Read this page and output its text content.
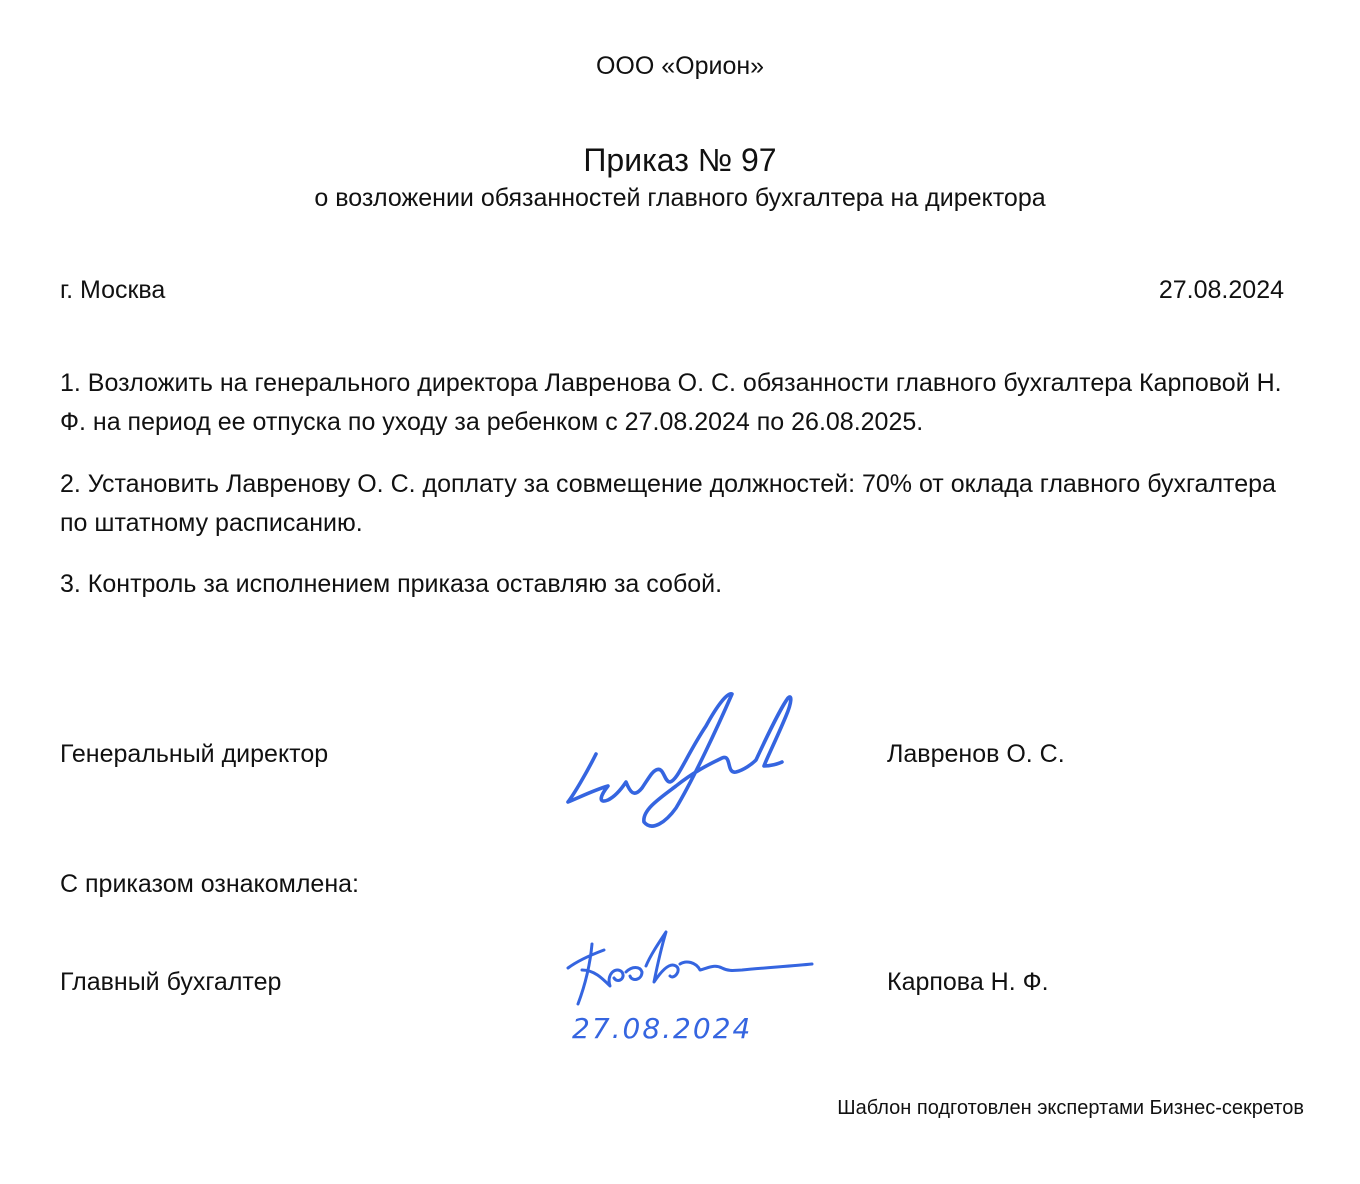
ООО «Орион»
Приказ № 97
о возложении обязанностей главного бухгалтера на директора
г. Москва	27.08.2024
1. Возложить на генерального директора Лавренова О. С. обязанности главного бухгалтера Карповой Н. Ф. на период ее отпуска по уходу за ребенком с 27.08.2024 по 26.08.2025.
2. Установить Лавренову О. С. доплату за совмещение должностей: 70% от оклада главного бухгалтера по штатному расписанию.
3. Контроль за исполнением приказа оставляю за собой.
Генеральный директор	Лавренов О. С.
С приказом ознакомлена:
Главный бухгалтер
27.08.2024
Карпова Н. Ф.
Шаблон подготовлен экспертами Бизнес-секретов
